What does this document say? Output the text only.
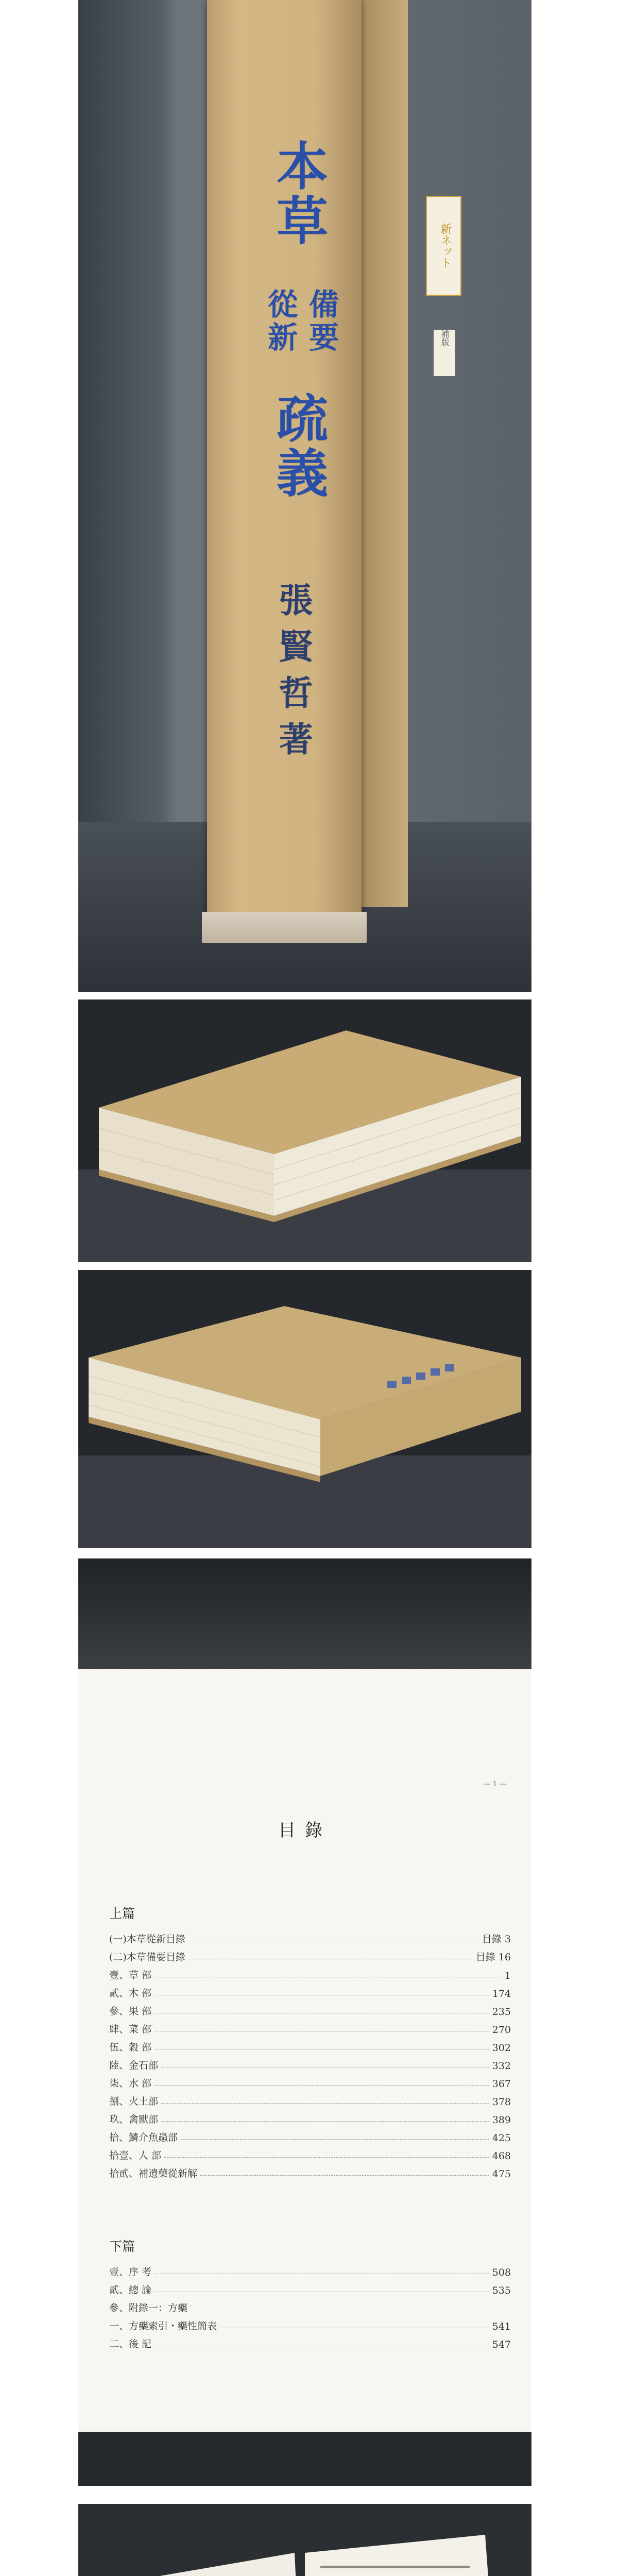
新ネット
補版
本草
備要
從新
疏義
張賢哲著
— 1 —
目錄
上篇
(一)本草從新目錄	目錄 3
(二)本草備要目錄	目錄 16
壹、草 部	1
貳、木 部	174
參、果 部	235
肆、菜 部	270
伍、穀 部	302
陸、金石部	332
柒、水 部	367
捌、火土部	378
玖、禽獸部	389
拾、鱗介魚蟲部	425
拾壹、人 部	468
拾貳、補遺藥從新解	475
下篇
壹、序 考	508
貳、總 論	535
參、附錄一：方藥
一、方藥索引・藥性簡表	541
二、後 記	547
